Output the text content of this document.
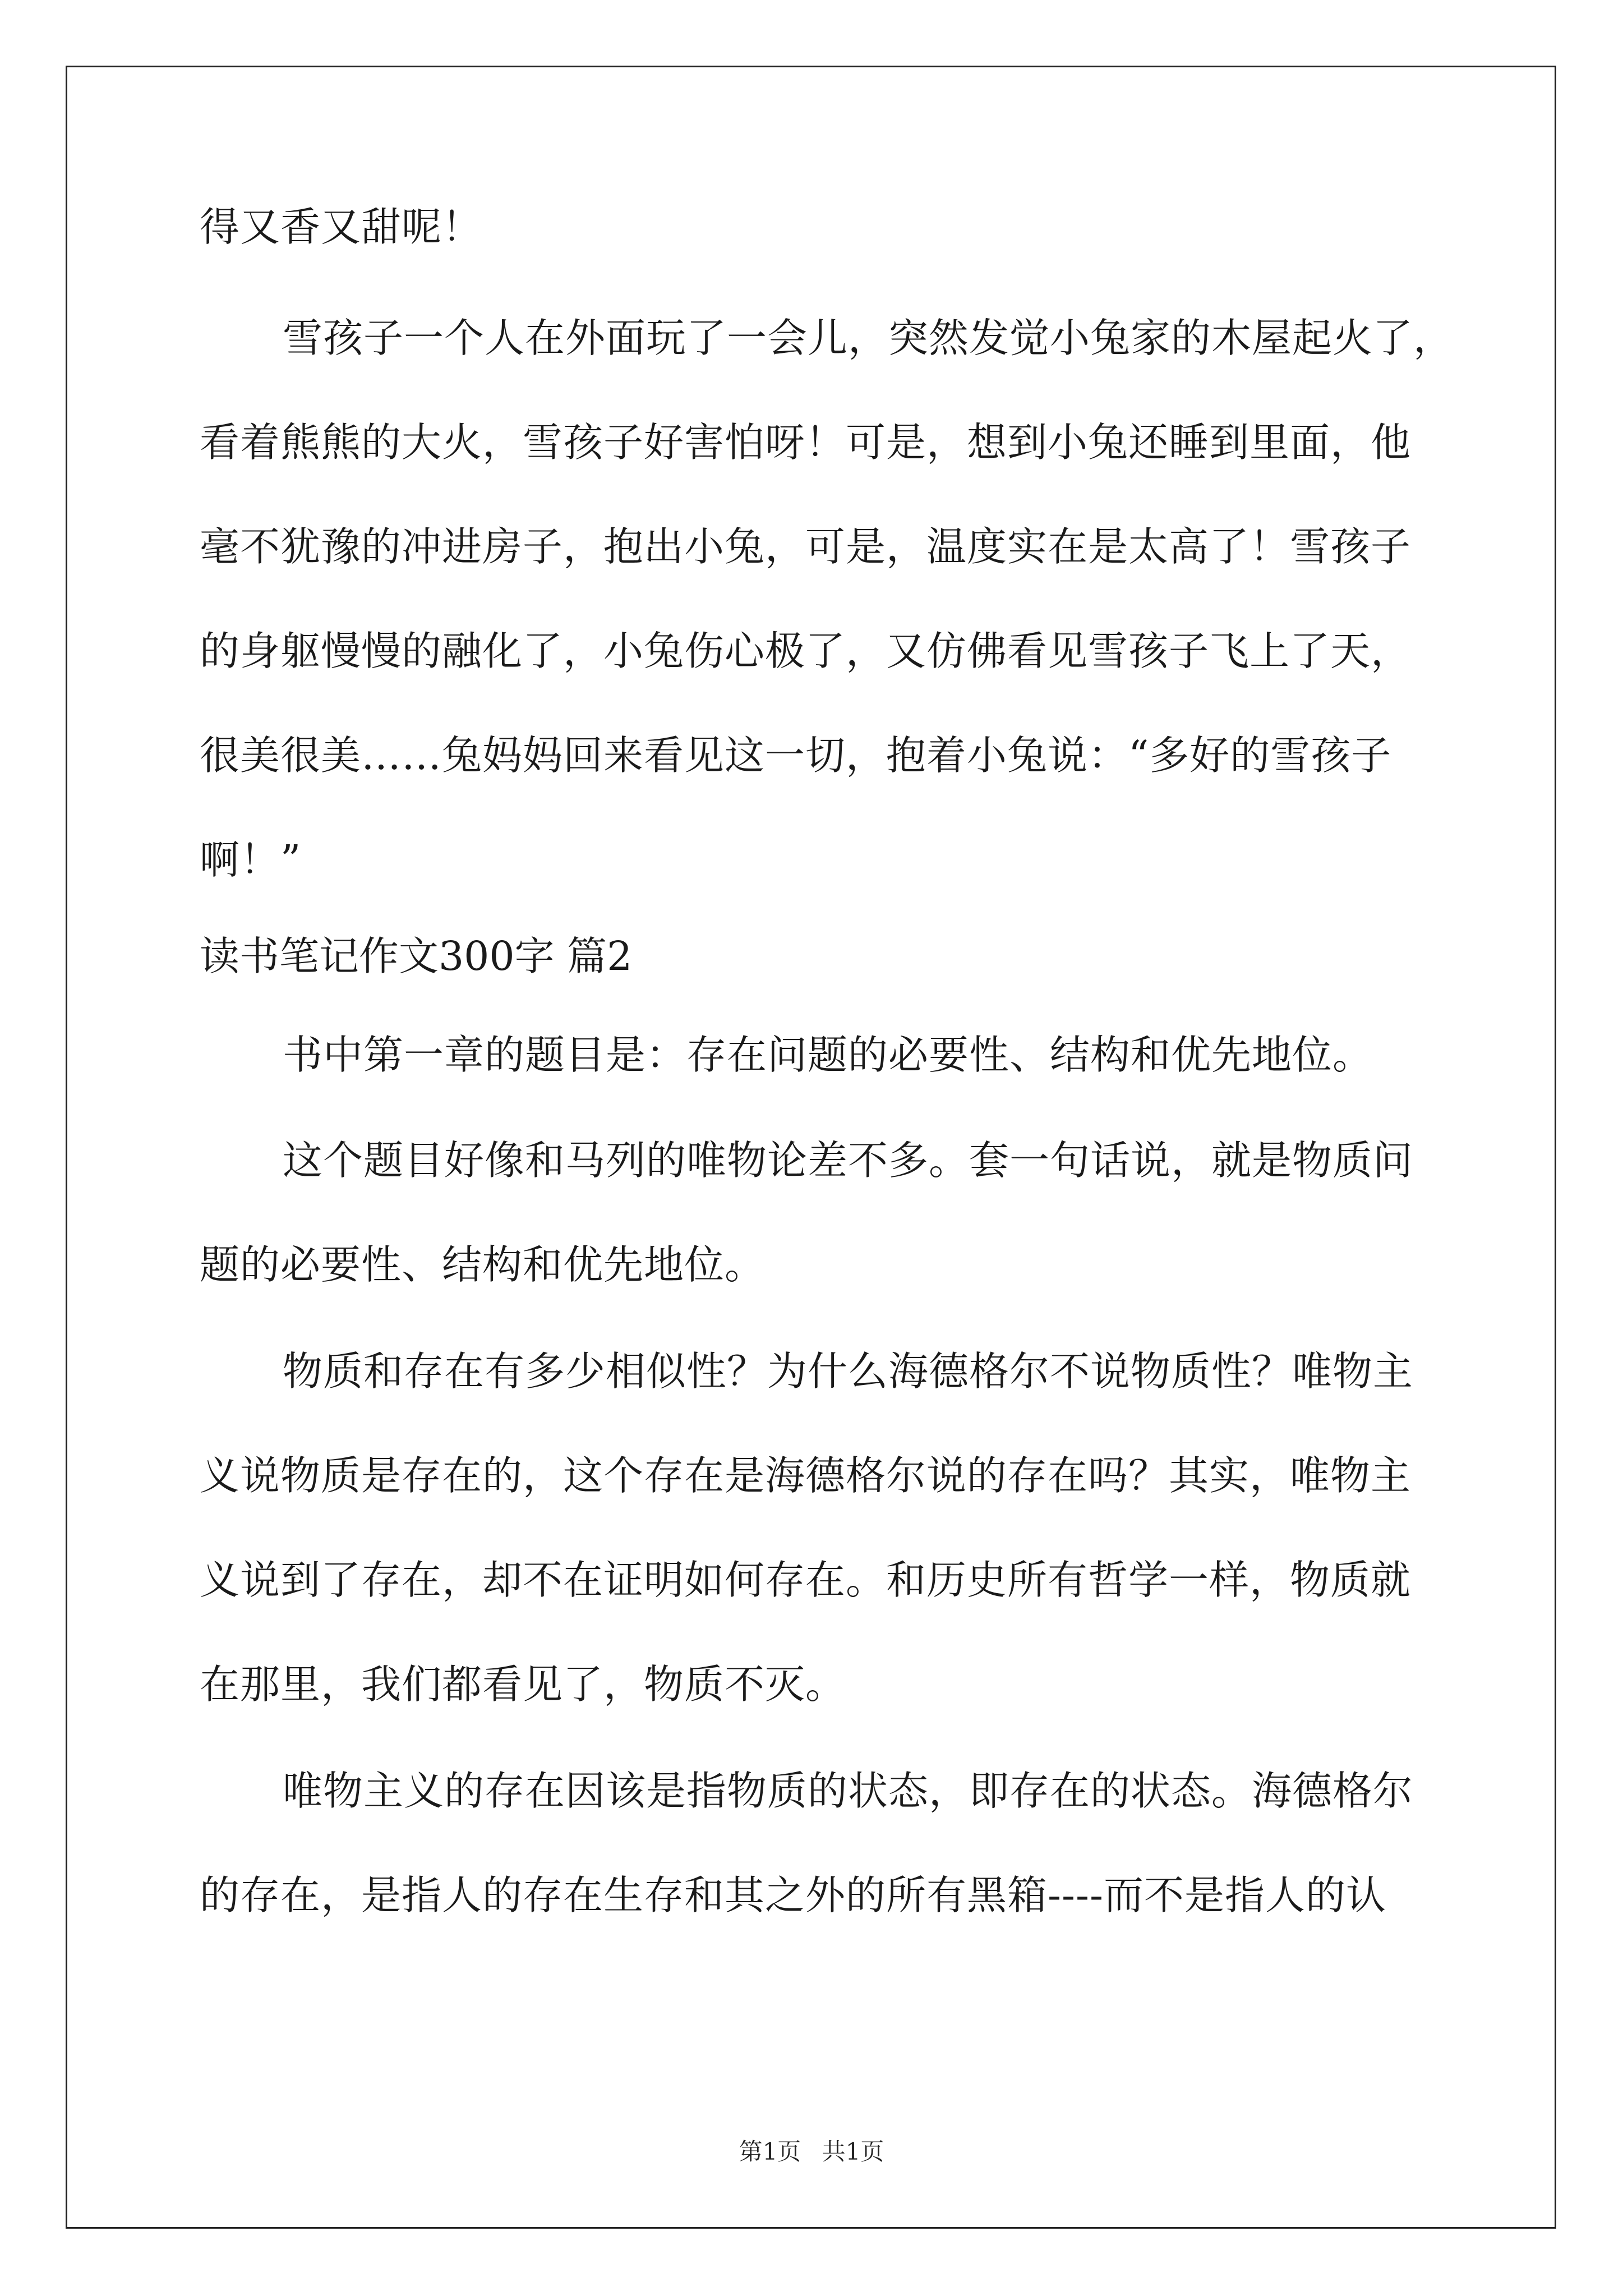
得又香又甜呢！
雪孩子一个人在外面玩了一会儿，突然发觉小兔家的木屋起火了，
看着熊熊的大火，雪孩子好害怕呀！可是，想到小兔还睡到里面，他
毫不犹豫的冲进房子，抱出小兔，可是，温度实在是太高了！雪孩子
的身躯慢慢的融化了，小兔伤心极了，又仿佛看见雪孩子飞上了天，
很美很美……兔妈妈回来看见这一切，抱着小兔说：“多好的雪孩子
啊！”
读书笔记作文300字 篇2
书中第一章的题目是：存在问题的必要性、结构和优先地位。
这个题目好像和马列的唯物论差不多。套一句话说，就是物质问
题的必要性、结构和优先地位。
物质和存在有多少相似性？为什么海德格尔不说物质性？唯物主
义说物质是存在的，这个存在是海德格尔说的存在吗？其实，唯物主
义说到了存在，却不在证明如何存在。和历史所有哲学一样，物质就
在那里，我们都看见了，物质不灭。
唯物主义的存在因该是指物质的状态，即存在的状态。海德格尔
的存在，是指人的存在生存和其之外的所有黑箱----而不是指人的认
第1页 共1页
